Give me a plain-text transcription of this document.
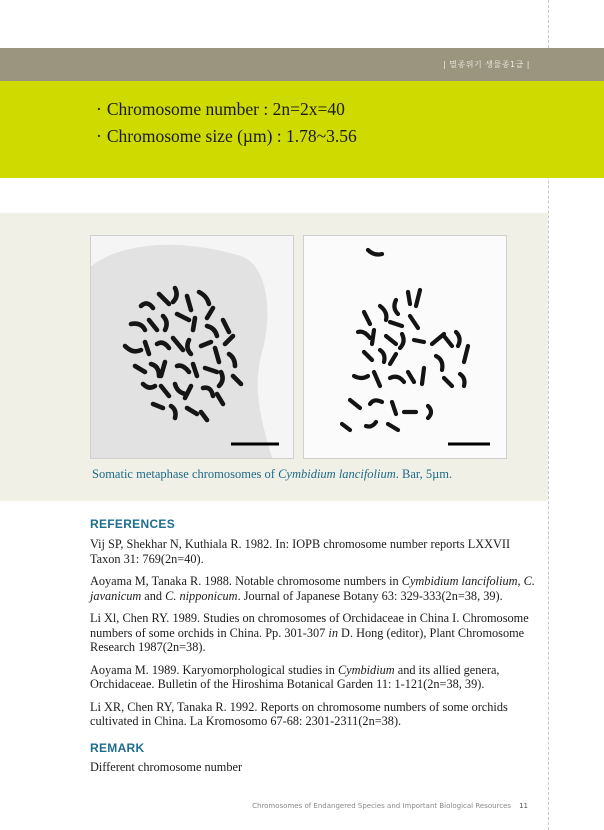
| 멸종위기 생물종1급 |
· Chromosome number : 2n=2x=40
· Chromosome size (µm) : 1.78~3.56
Somatic metaphase chromosomes of Cymbidium lancifolium. Bar, 5µm.
REFERENCES

Vij SP, Shekhar N, Kuthiala R. 1982. In: IOPB chromosome number reports LXXVII Taxon 31: 769(2n=40).

Aoyama M, Tanaka R. 1988. Notable chromosome numbers in Cymbidium lancifolium, C. javanicum and C. nipponicum. Journal of Japanese Botany 63: 329-333(2n=38, 39).

Li Xl, Chen RY. 1989. Studies on chromosomes of Orchidaceae in China I. Chromosome numbers of some orchids in China. Pp. 301-307 in D. Hong (editor), Plant Chromosome Research 1987(2n=38).

Aoyama M. 1989. Karyomorphological studies in Cymbidium and its allied genera, Orchidaceae. Bulletin of the Hiroshima Botanical Garden 11: 1-121(2n=38, 39).

Li XR, Chen RY, Tanaka R. 1992. Reports on chromosome numbers of some orchids cultivated in China. La Kromosomo 67-68: 2301-2311(2n=38).

REMARK
Different chromosome number
Chromosomes of Endangered Species and Important Biological Resources 11
